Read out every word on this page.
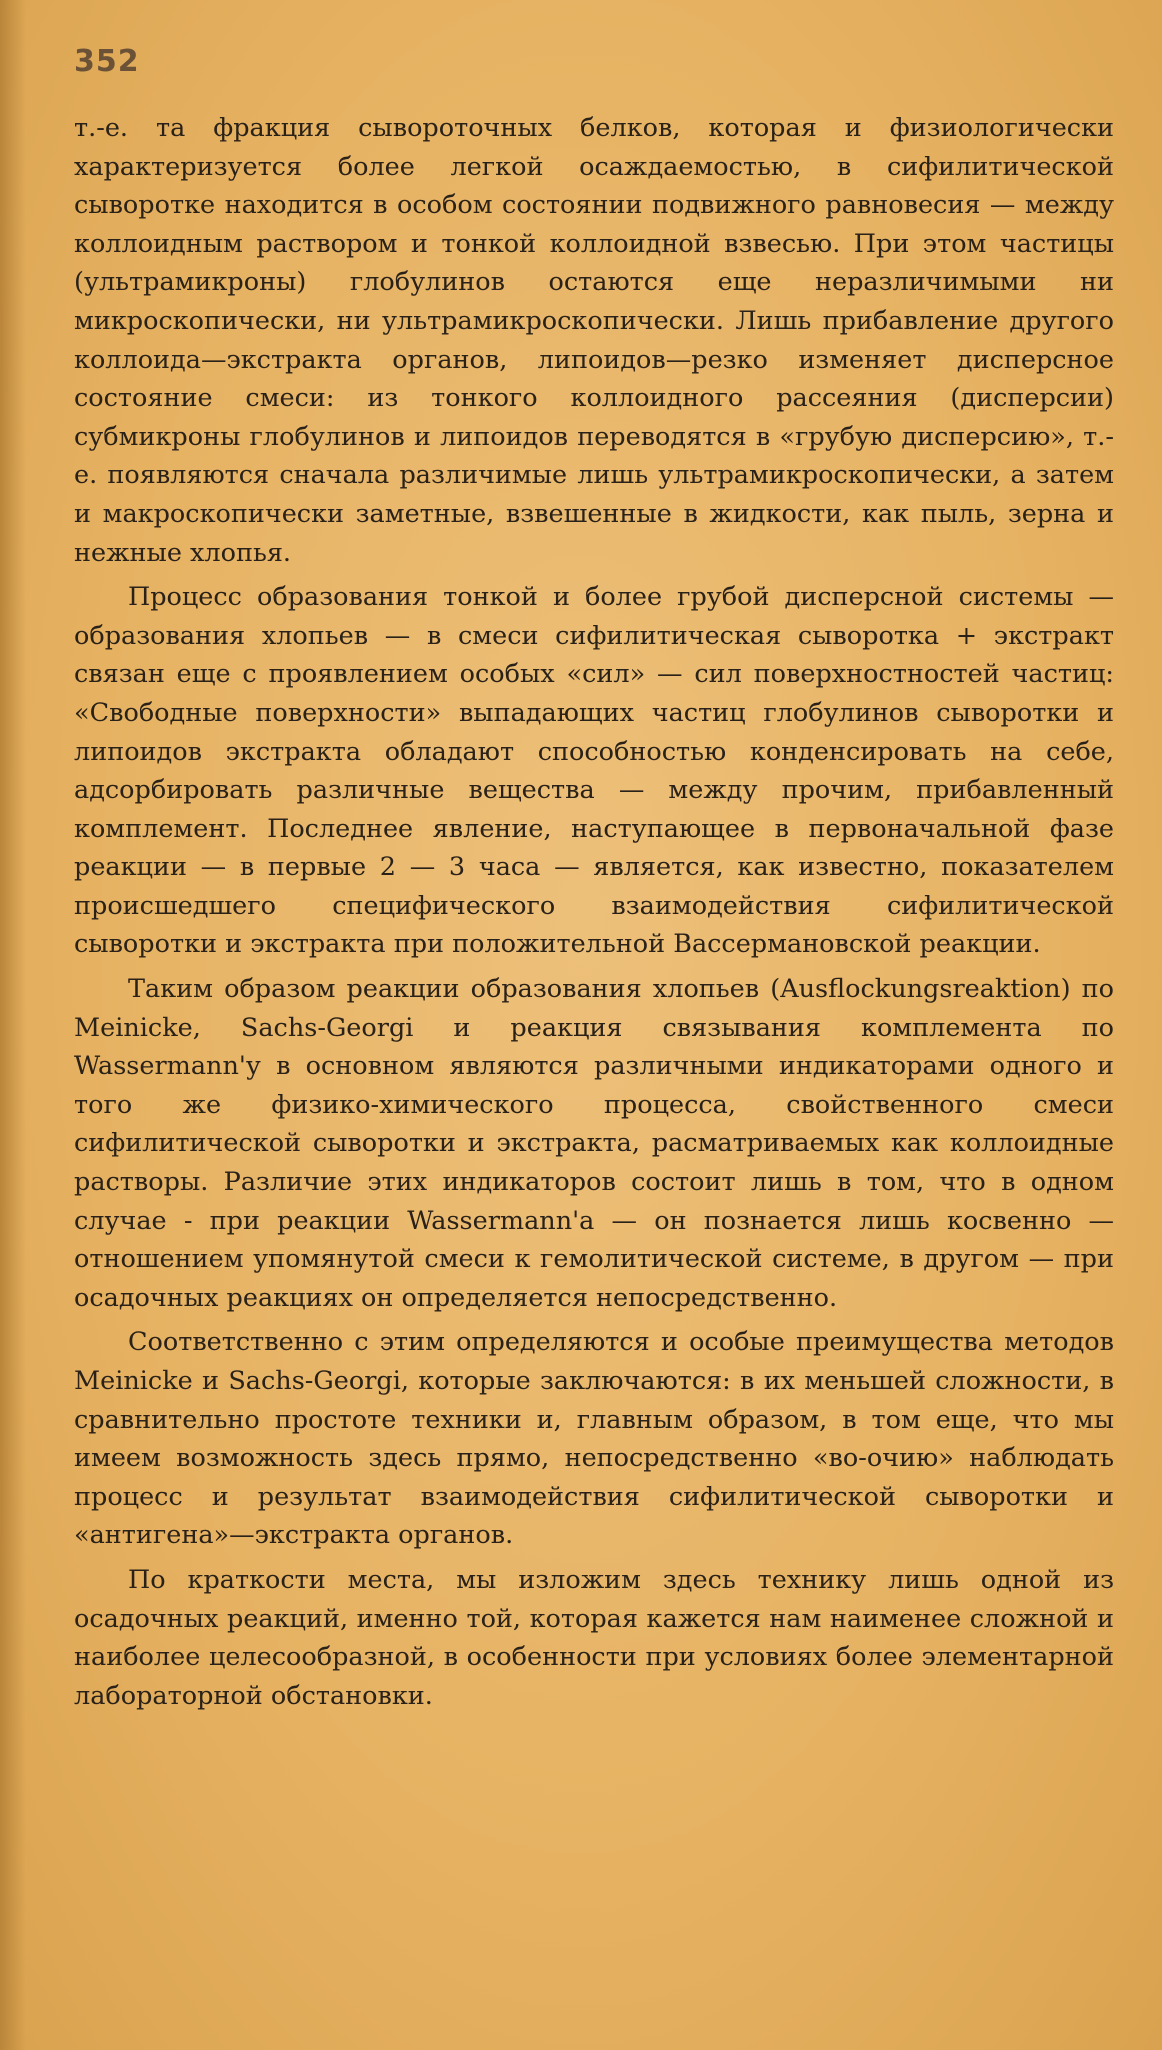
352

т.-е. та фракция сывороточных белков, которая и физиологически характеризуется более легкой осаждаемостью, в сифилитической сыворотке находится в особом состоянии подвижного равновесия — между коллоидным раствором и тонкой коллоидной взвесью. При этом частицы (ультрамикроны) глобулинов остаются еще неразличимыми ни микроскопически, ни ультрамикроскопически. Лишь прибавление другого коллоида—экстракта органов, липоидов—резко изменяет дисперсное состояние смеси: из тонкого коллоидного рассеяния (дисперсии) субмикроны глобулинов и липоидов переводятся в «грубую дисперсию», т.-е. появляются сначала различимые лишь ультрамикроскопически, а затем и макроскопически заметные, взвешенные в жидкости, как пыль, зерна и нежные хлопья.

Процесс образования тонкой и более грубой дисперсной системы — образования хлопьев — в смеси сифилитическая сыворотка + экстракт связан еще с проявлением особых «сил» — сил поверхностностей частиц: «Свободные поверхности» выпадающих частиц глобулинов сыворотки и липоидов экстракта обладают способностью конденсировать на себе, адсорбировать различные вещества — между прочим, прибавленный комплемент. Последнее явление, наступающее в первоначальной фазе реакции — в первые 2 — 3 часа — является, как известно, показателем происшедшего специфического взаимодействия сифилитической сыворотки и экстракта при положительной Вассермановской реакции.

Таким образом реакции образования хлопьев (Ausflockungsreaktion) по Meinicke, Sachs-Georgi и реакция связывания комплемента по Wassermann'у в основном являются различными индикаторами одного и того же физико-химического процесса, свойственного смеси сифилитической сыворотки и экстракта, расматриваемых как коллоидные растворы. Различие этих индикаторов состоит лишь в том, что в одном случае - при реакции Wassermann'а — он познается лишь косвенно — отношением упомянутой смеси к гемолитической системе, в другом — при осадочных реакциях он определяется непосредственно.

Соответственно с этим определяются и особые преимущества методов Meinicke и Sachs-Georgi, которые заключаются: в их меньшей сложности, в сравнительно простоте техники и, главным образом, в том еще, что мы имеем возможность здесь прямо, непосредственно «во-очию» наблюдать процесс и результат взаимодействия сифилитической сыворотки и «антигена»—экстракта органов.

По краткости места, мы изложим здесь технику лишь одной из осадочных реакций, именно той, которая кажется нам наименее сложной и наиболее целесообразной, в особенности при условиях более элементарной лабораторной обстановки.
